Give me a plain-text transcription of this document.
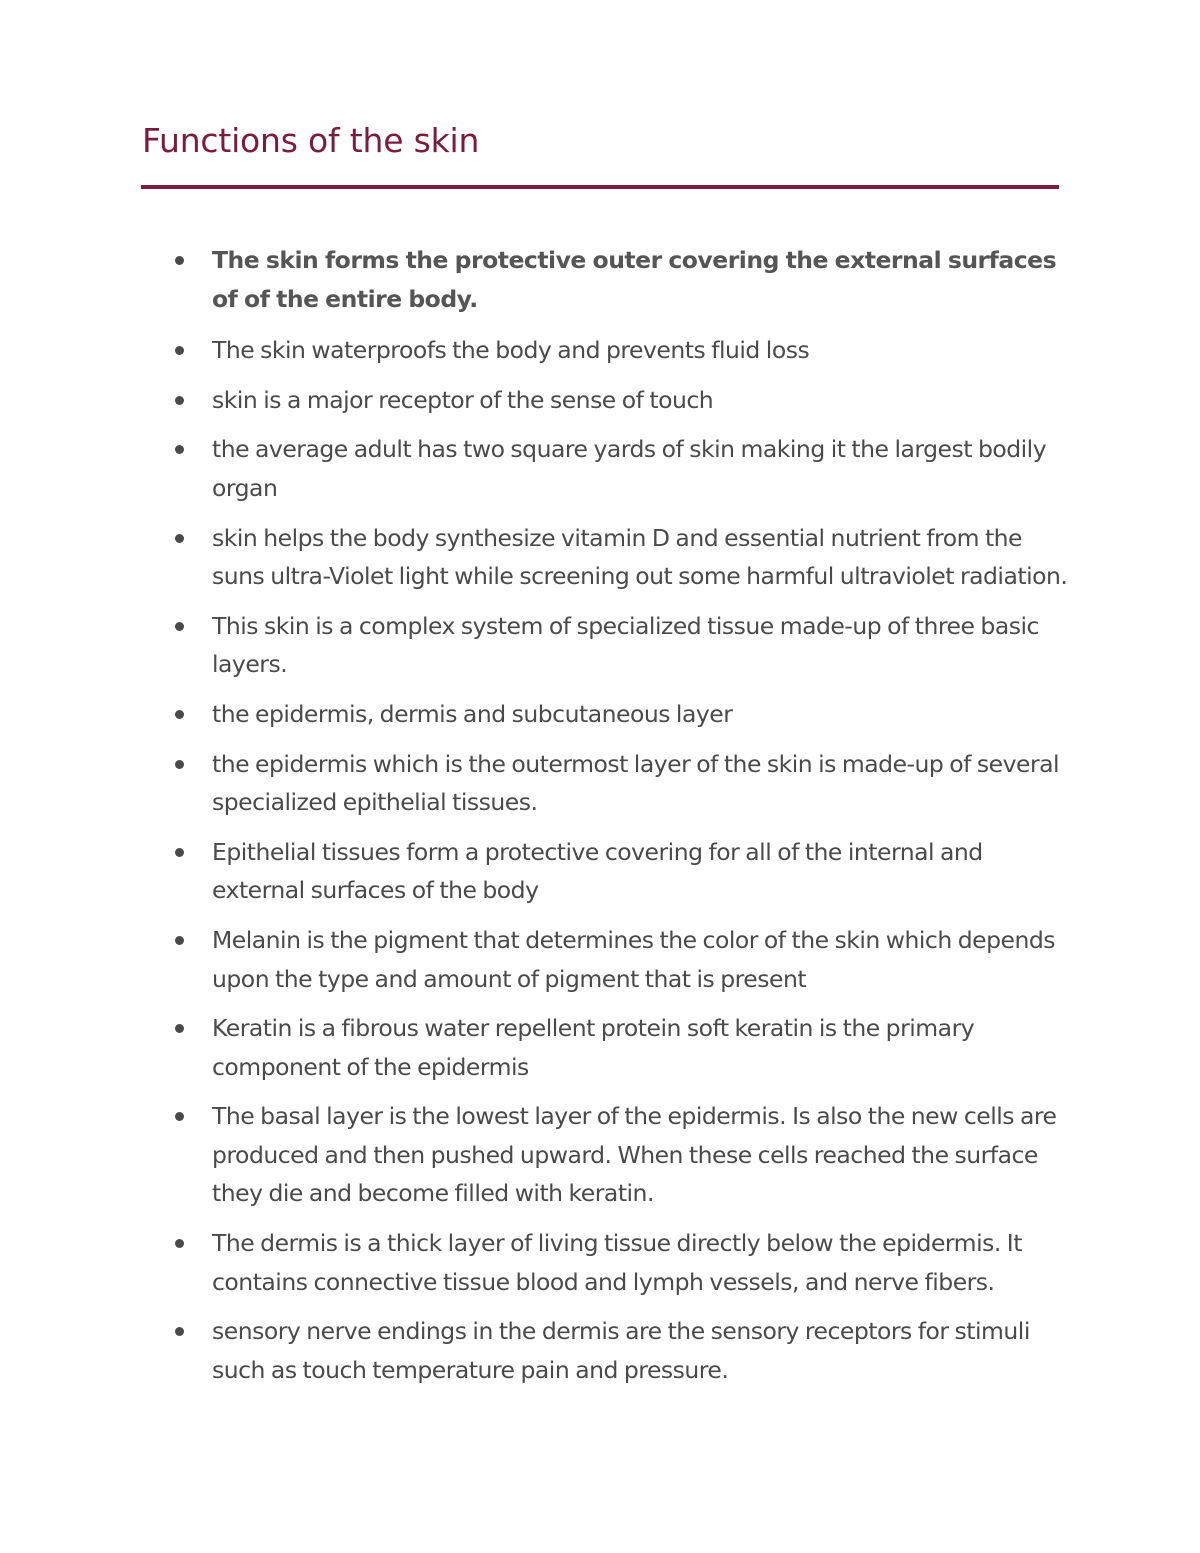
Functions of the skin
The skin forms the protective outer covering the external surfaces of of the entire body.
The skin waterproofs the body and prevents fluid loss
skin is a major receptor of the sense of touch
the average adult has two square yards of skin making it the largest bodily organ
skin helps the body synthesize vitamin D and essential nutrient from the suns ultra-Violet light while screening out some harmful ultraviolet radiation.
This skin is a complex system of specialized tissue made-up of three basic layers.
the epidermis, dermis and subcutaneous layer
the epidermis which is the outermost layer of the skin is made-up of several specialized epithelial tissues.
Epithelial tissues form a protective covering for all of the internal and external surfaces of the body
Melanin is the pigment that determines the color of the skin which depends upon the type and amount of pigment that is present
Keratin is a fibrous water repellent protein soft keratin is the primary component of the epidermis
The basal layer is the lowest layer of the epidermis. Is also the new cells are produced and then pushed upward. When these cells reached the surface they die and become filled with keratin.
The dermis is a thick layer of living tissue directly below the epidermis. It contains connective tissue blood and lymph vessels, and nerve fibers.
sensory nerve endings in the dermis are the sensory receptors for stimuli such as touch temperature pain and pressure.
